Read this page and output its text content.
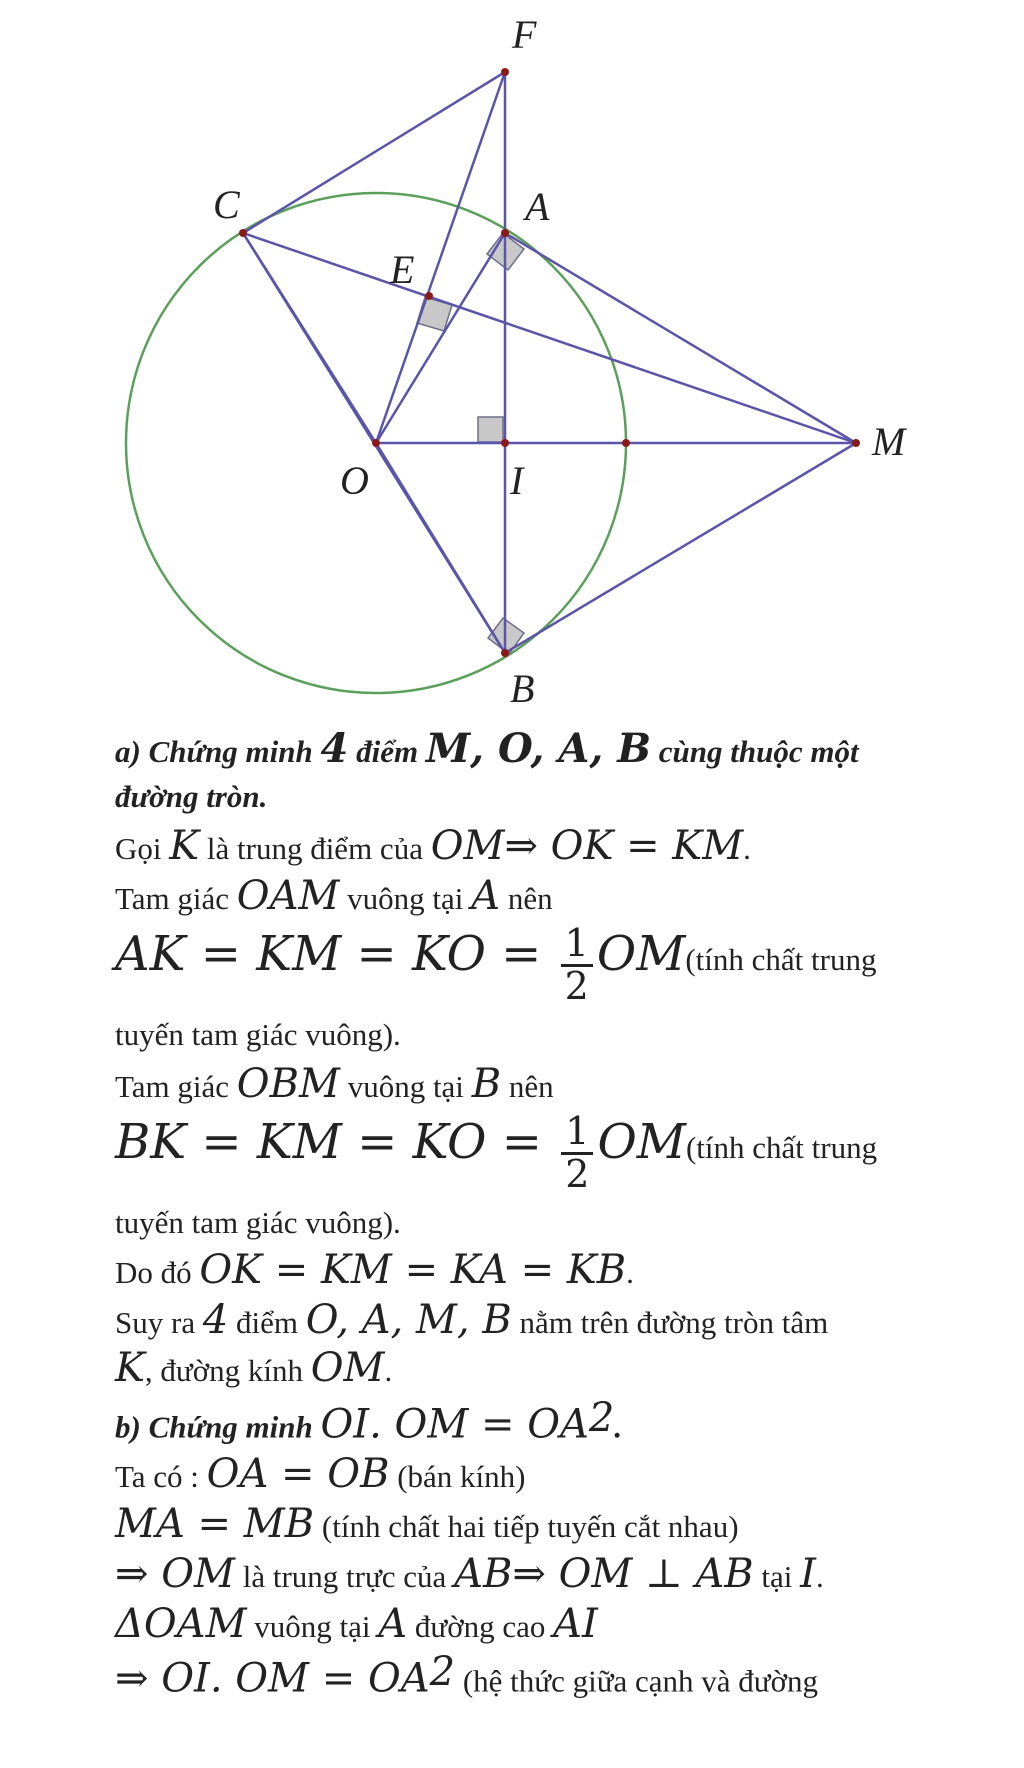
F
C	A
E
O	I
M
B
a) Chứng minh 4 điểm M, O, A, B cùng thuộc một
đường tròn.
Gọi K là trung điểm của OM⇒ OK = KM.
Tam giác OAM vuông tại A nên
AK = KM = KO = $\frac{1}{2}$ OM(tính chất trung
tuyến tam giác vuông).
Tam giác OBM vuông tại B nên
BK = KM = KO = $\frac{1}{2}$ OM(tính chất trung
tuyến tam giác vuông).
Do đó OK = KM = KA = KB.
Suy ra 4 điểm O, A, M, B nằm trên đường tròn tâm
K, đường kính OM.
b) Chứng minh OI. OM = $OA^2$.
Ta có : OA = OB (bán kính)
MA = MB (tính chất hai tiếp tuyến cắt nhau)
⇒ OM là trung trực của AB⇒ OM ⊥ AB tại I.
ΔOAM vuông tại A đường cao AI
⇒ OI. OM = $OA^2$ (hệ thức giữa cạnh và đường
